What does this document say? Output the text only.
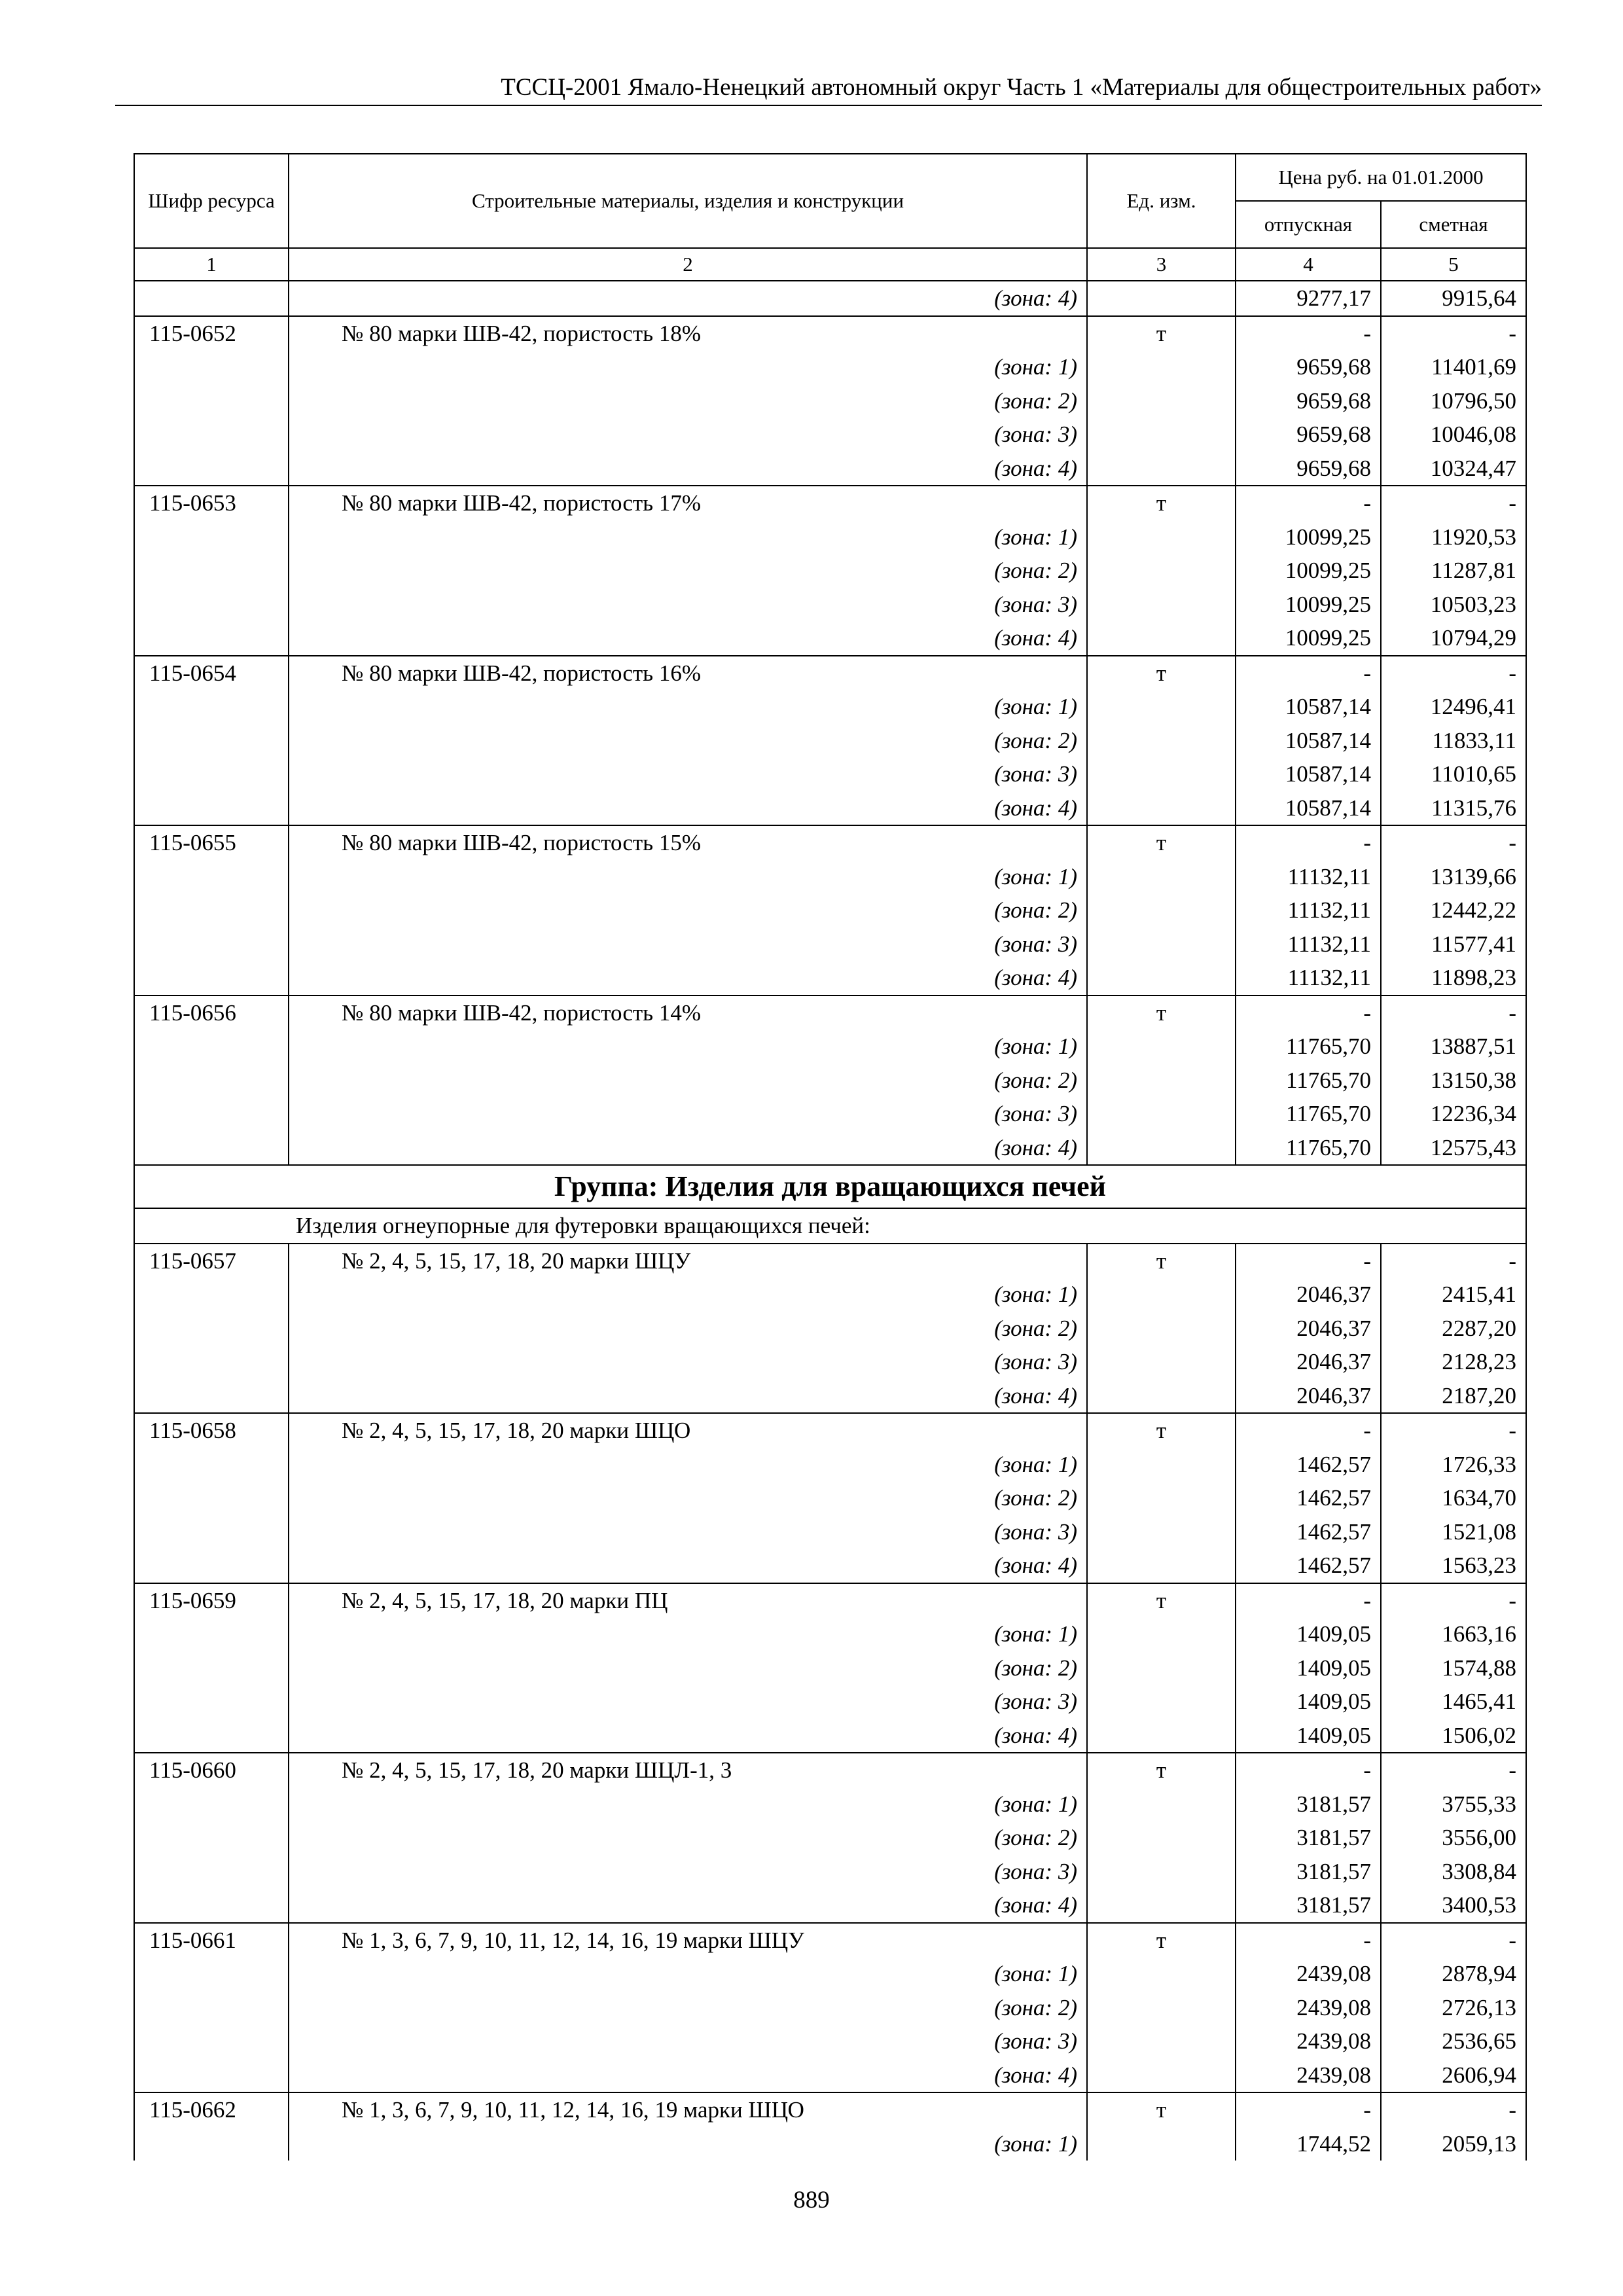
ТССЦ-2001 Ямало-Ненецкий автономный округ Часть 1 «Материалы для общестроительных работ»
Шифр ресурса	Строительные материалы, изделия и конструкции	Ед. изм.	Цена руб. на 01.01.2000	
			отпускная	сметная
1	2	3	4	5
	(зона: 4)		9277,17	9915,64
115-0652	№ 80 марки ШВ-42, пористость 18%	т	-	-
	(зона: 1)		9659,68	11401,69
	(зона: 2)		9659,68	10796,50
	(зона: 3)		9659,68	10046,08
	(зона: 4)		9659,68	10324,47
115-0653	№ 80 марки ШВ-42, пористость 17%	т	-	-
	(зона: 1)		10099,25	11920,53
	(зона: 2)		10099,25	11287,81
	(зона: 3)		10099,25	10503,23
	(зона: 4)		10099,25	10794,29
115-0654	№ 80 марки ШВ-42, пористость 16%	т	-	-
	(зона: 1)		10587,14	12496,41
	(зона: 2)		10587,14	11833,11
	(зона: 3)		10587,14	11010,65
	(зона: 4)		10587,14	11315,76
115-0655	№ 80 марки ШВ-42, пористость 15%	т	-	-
	(зона: 1)		11132,11	13139,66
	(зона: 2)		11132,11	12442,22
	(зона: 3)		11132,11	11577,41
	(зона: 4)		11132,11	11898,23
115-0656	№ 80 марки ШВ-42, пористость 14%	т	-	-
	(зона: 1)		11765,70	13887,51
	(зона: 2)		11765,70	13150,38
	(зона: 3)		11765,70	12236,34
	(зона: 4)		11765,70	12575,43
Группа: Изделия для вращающихся печей				
Изделия огнеупорные для футеровки вращающихся печей:				
115-0657	№ 2, 4, 5, 15, 17, 18, 20 марки ШЦУ	т	-	-
	(зона: 1)		2046,37	2415,41
	(зона: 2)		2046,37	2287,20
	(зона: 3)		2046,37	2128,23
	(зона: 4)		2046,37	2187,20
115-0658	№ 2, 4, 5, 15, 17, 18, 20 марки ШЦО	т	-	-
	(зона: 1)		1462,57	1726,33
	(зона: 2)		1462,57	1634,70
	(зона: 3)		1462,57	1521,08
	(зона: 4)		1462,57	1563,23
115-0659	№ 2, 4, 5, 15, 17, 18, 20 марки ПЦ	т	-	-
	(зона: 1)		1409,05	1663,16
	(зона: 2)		1409,05	1574,88
	(зона: 3)		1409,05	1465,41
	(зона: 4)		1409,05	1506,02
115-0660	№ 2, 4, 5, 15, 17, 18, 20 марки ШЦЛ-1, 3	т	-	-
	(зона: 1)		3181,57	3755,33
	(зона: 2)		3181,57	3556,00
	(зона: 3)		3181,57	3308,84
	(зона: 4)		3181,57	3400,53
115-0661	№ 1, 3, 6, 7, 9, 10, 11, 12, 14, 16, 19 марки ШЦУ	т	-	-
	(зона: 1)		2439,08	2878,94
	(зона: 2)		2439,08	2726,13
	(зона: 3)		2439,08	2536,65
	(зона: 4)		2439,08	2606,94
115-0662	№ 1, 3, 6, 7, 9, 10, 11, 12, 14, 16, 19 марки ШЦО	т	-	-
	(зона: 1)		1744,52	2059,13
889
